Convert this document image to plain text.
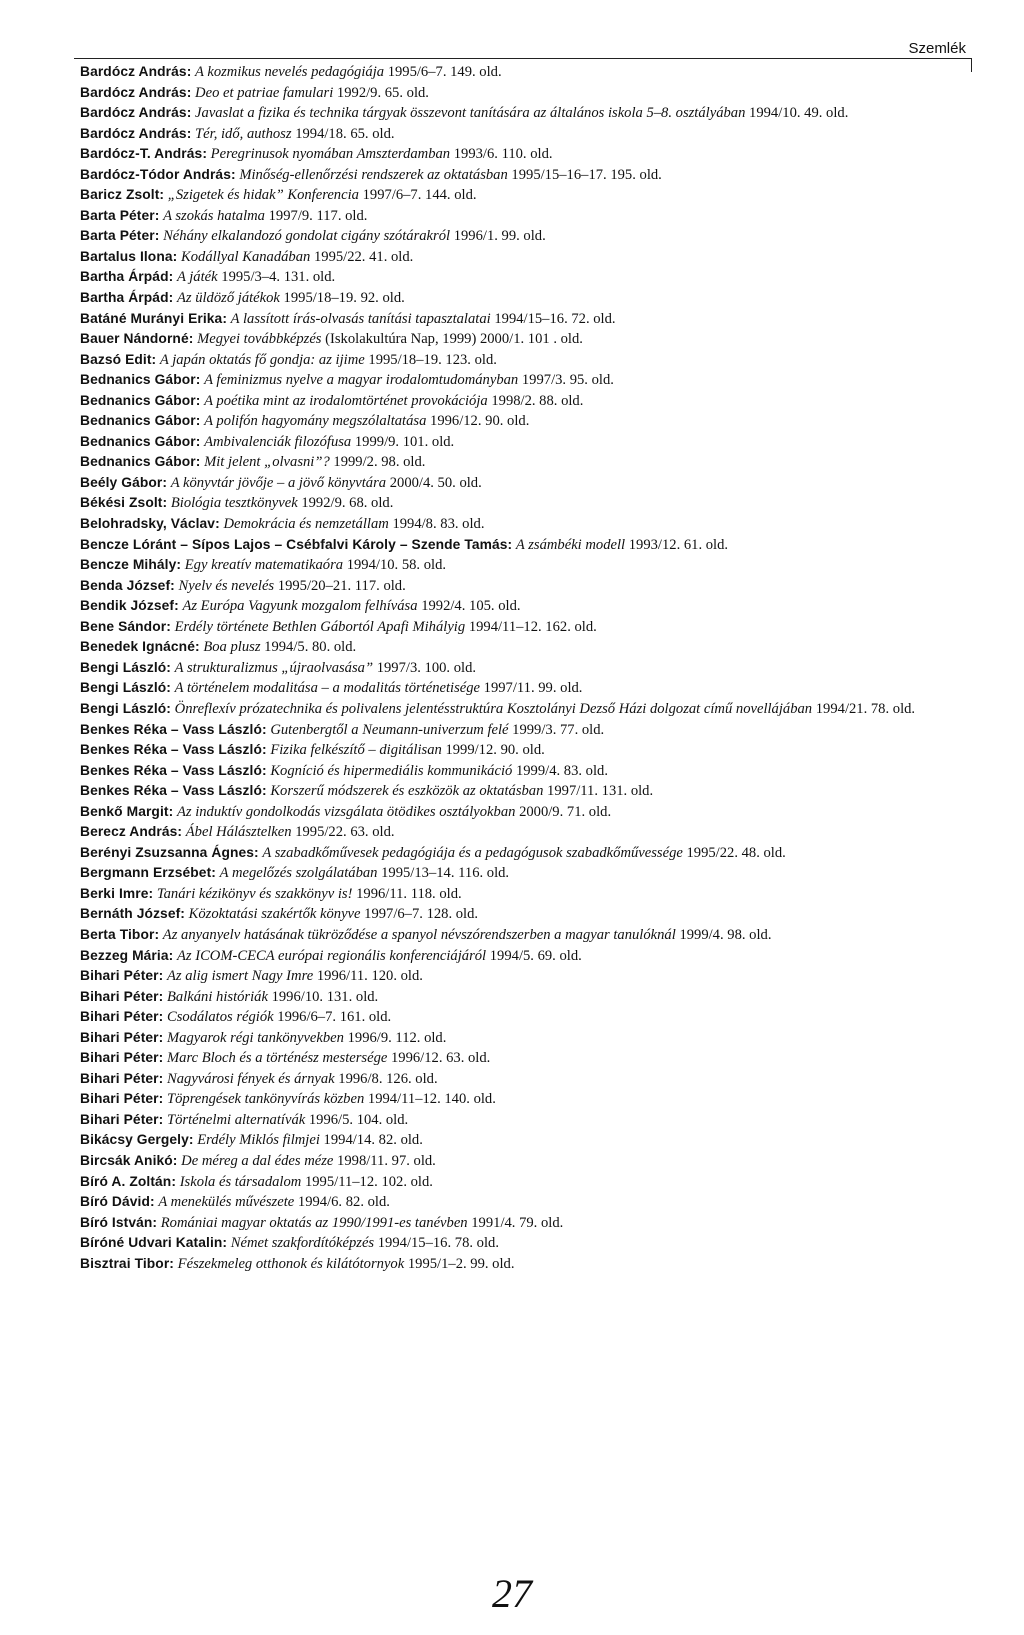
Szemlék

Bardócz András: A kozmikus nevelés pedagógiája 1995/6–7. 149. old.

Bardócz András: Deo et patriae famulari 1992/9. 65. old.

Bardócz András: Javaslat a fizika és technika tárgyak összevont tanítására az általános iskola 5–8. osztályában 1994/10. 49. old.

Bardócz András: Tér, idő, authosz 1994/18. 65. old.

Bardócz-T. András: Peregrinusok nyomában Amszterdamban 1993/6. 110. old.

Bardócz-Tódor András: Minőség-ellenőrzési rendszerek az oktatásban 1995/15–16–17. 195. old.

Baricz Zsolt: „Szigetek és hidak” Konferencia 1997/6–7. 144. old.

Barta Péter: A szokás hatalma 1997/9. 117. old.

Barta Péter: Néhány elkalandozó gondolat cigány szótárakról 1996/1. 99. old.

Bartalus Ilona: Kodállyal Kanadában 1995/22. 41. old.

Bartha Árpád: A játék 1995/3–4. 131. old.

Bartha Árpád: Az üldöző játékok 1995/18–19. 92. old.

Batáné Murányi Erika: A lassított írás-olvasás tanítási tapasztalatai 1994/15–16. 72. old.

Bauer Nándorné: Megyei továbbképzés (Iskolakultúra Nap, 1999) 2000/1. 101 . old.

Bazsó Edit: A japán oktatás fő gondja: az ijime 1995/18–19. 123. old.

Bednanics Gábor: A feminizmus nyelve a magyar irodalomtudományban 1997/3. 95. old.

Bednanics Gábor: A poétika mint az irodalomtörténet provokációja 1998/2. 88. old.

Bednanics Gábor: A polifón hagyomány megszólaltatása 1996/12. 90. old.

Bednanics Gábor: Ambivalenciák filozófusa 1999/9. 101. old.

Bednanics Gábor: Mit jelent „olvasni”? 1999/2. 98. old.

Beély Gábor: A könyvtár jövője – a jövő könyvtára 2000/4. 50. old.

Békési Zsolt: Biológia tesztkönyvek 1992/9. 68. old.

Belohradsky, Václav: Demokrácia és nemzetállam 1994/8. 83. old.

Bencze Lóránt – Sípos Lajos – Csébfalvi Károly – Szende Tamás: A zsámbéki modell 1993/12. 61. old.

Bencze Mihály: Egy kreatív matematikaóra 1994/10. 58. old.

Benda József: Nyelv és nevelés 1995/20–21. 117. old.

Bendik József: Az Európa Vagyunk mozgalom felhívása 1992/4. 105. old.

Bene Sándor: Erdély története Bethlen Gábortól Apafi Mihályig 1994/11–12. 162. old.

Benedek Ignácné: Boa plusz 1994/5. 80. old.

Bengi László: A strukturalizmus „újraolvasása” 1997/3. 100. old.

Bengi László: A történelem modalitása – a modalitás történetisége 1997/11. 99. old.

Bengi László: Önreflexív prózatechnika és polivalens jelentésstruktúra Kosztolányi Dezső Házi dolgozat című novellájában 1994/21. 78. old.

Benkes Réka – Vass László: Gutenbergtől a Neumann-univerzum felé 1999/3. 77. old.

Benkes Réka – Vass László: Fizika felkészítő – digitálisan 1999/12. 90. old.

Benkes Réka – Vass László: Kogníció és hipermediális kommunikáció 1999/4. 83. old.

Benkes Réka – Vass László: Korszerű módszerek és eszközök az oktatásban 1997/11. 131. old.

Benkő Margit: Az induktív gondolkodás vizsgálata ötödikes osztályokban 2000/9. 71. old.

Berecz András: Ábel Hálásztelken 1995/22. 63. old.

Berényi Zsuzsanna Ágnes: A szabadkőművesek pedagógiája és a pedagógusok szabadkőművessége 1995/22. 48. old.

Bergmann Erzsébet: A megelőzés szolgálatában 1995/13–14. 116. old.

Berki Imre: Tanári kézikönyv és szakkönyv is! 1996/11. 118. old.

Bernáth József: Közoktatási szakértők könyve 1997/6–7. 128. old.

Berta Tibor: Az anyanyelv hatásának tükröződése a spanyol névszórendszerben a magyar tanulóknál 1999/4. 98. old.

Bezzeg Mária: Az ICOM-CECA európai regionális konferenciájáról 1994/5. 69. old.

Bihari Péter: Az alig ismert Nagy Imre 1996/11. 120. old.

Bihari Péter: Balkáni históriák 1996/10. 131. old.

Bihari Péter: Csodálatos régiók 1996/6–7. 161. old.

Bihari Péter: Magyarok régi tankönyvekben 1996/9. 112. old.

Bihari Péter: Marc Bloch és a történész mestersége 1996/12. 63. old.

Bihari Péter: Nagyvárosi fények és árnyak 1996/8. 126. old.

Bihari Péter: Töprengések tankönyvírás közben 1994/11–12. 140. old.

Bihari Péter: Történelmi alternatívák 1996/5. 104. old.

Bikácsy Gergely: Erdély Miklós filmjei 1994/14. 82. old.

Bircsák Anikó: De méreg a dal édes méze 1998/11. 97. old.

Bíró A. Zoltán: Iskola és társadalom 1995/11–12. 102. old.

Bíró Dávid: A menekülés művészete 1994/6. 82. old.

Bíró István: Romániai magyar oktatás az 1990/1991-es tanévben 1991/4. 79. old.

Bíróné Udvari Katalin: Német szakfordítóképzés 1994/15–16. 78. old.

Bisztrai Tibor: Fészekmeleg otthonok és kilátótornyok 1995/1–2. 99. old.

27
